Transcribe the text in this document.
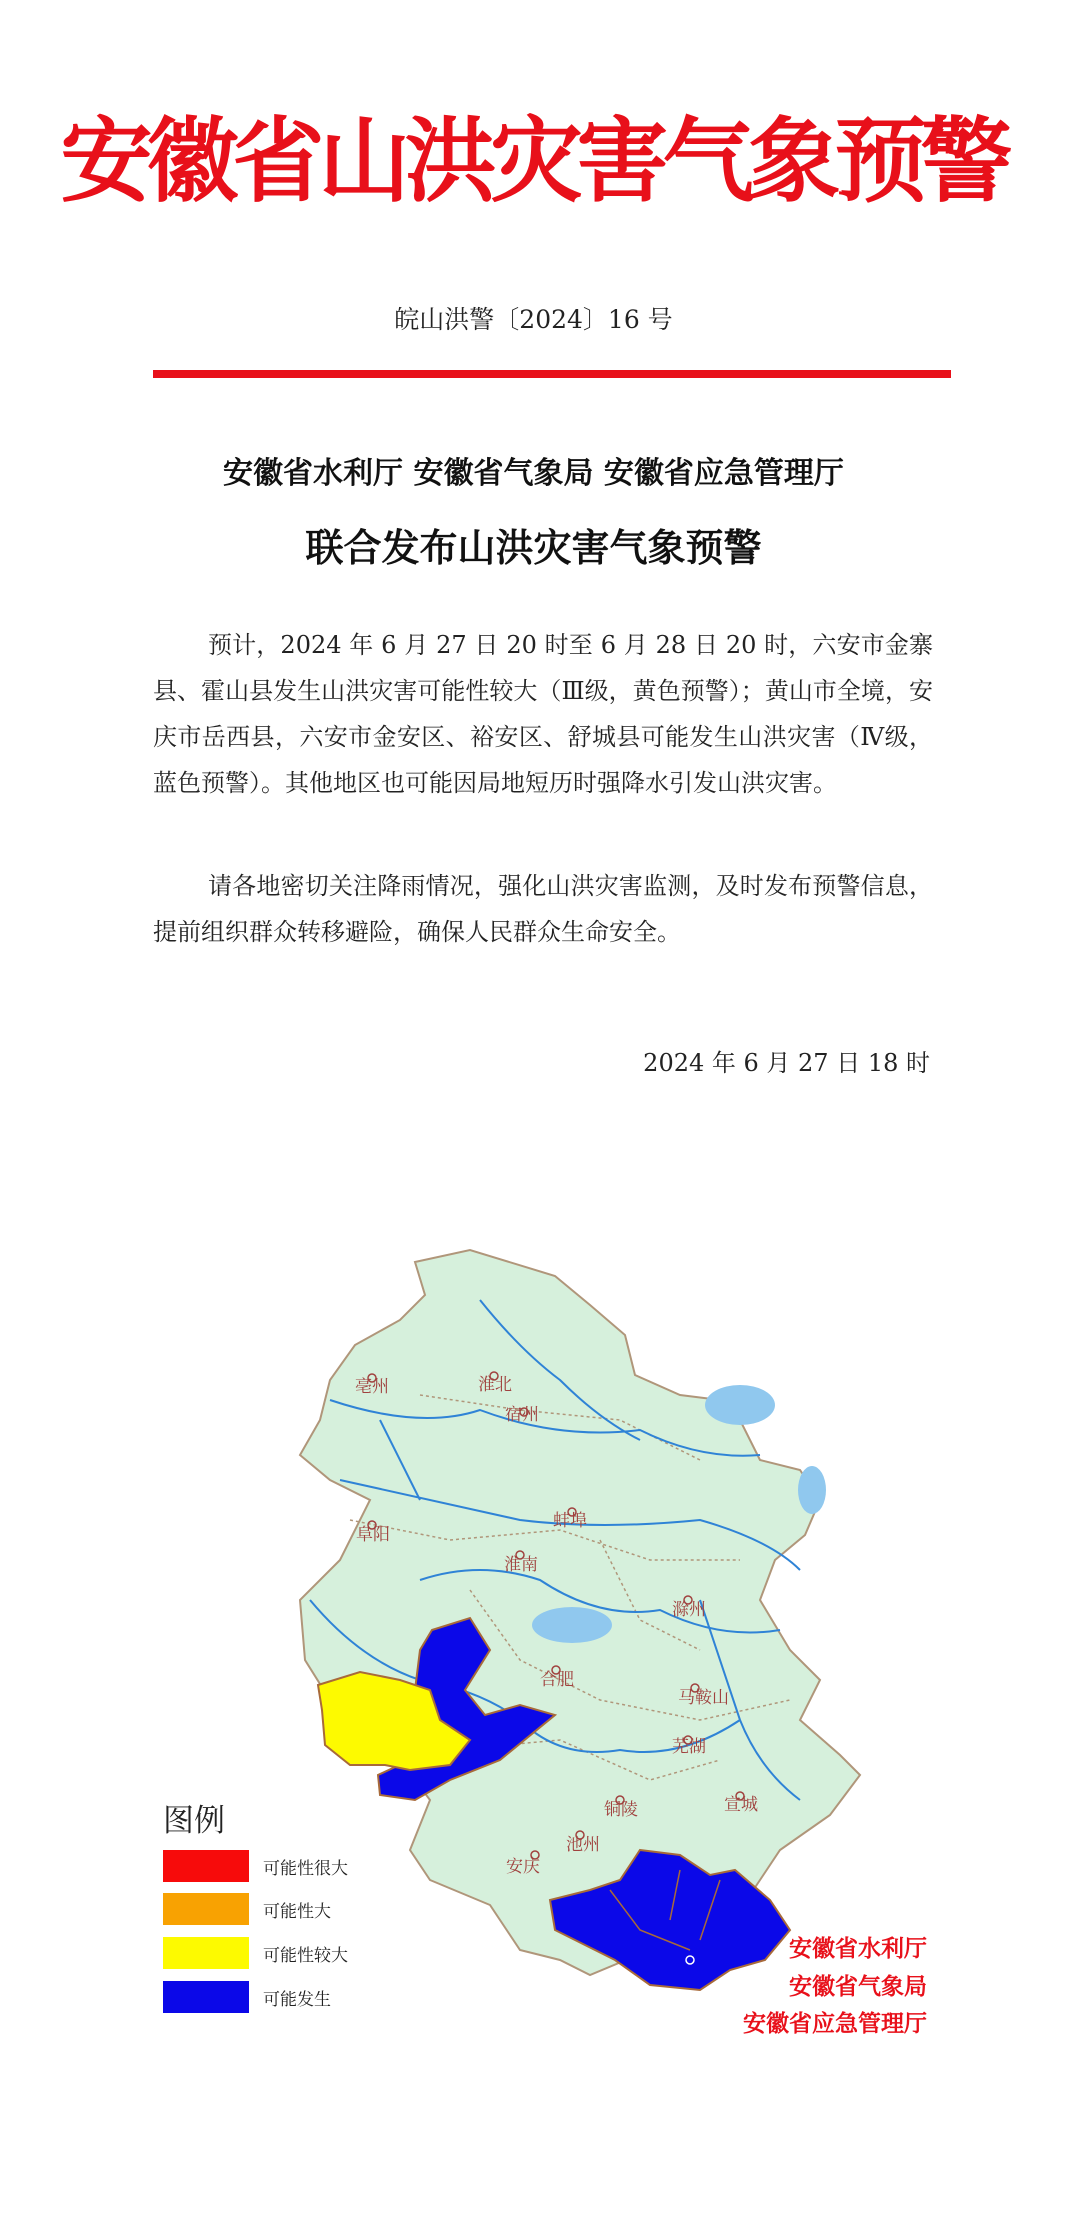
安徽省山洪灾害气象预警
皖山洪警〔2024〕16 号
安徽省水利厅 安徽省气象局 安徽省应急管理厅
联合发布山洪灾害气象预警
预计，2024 年 6 月 27 日 20 时至 6 月 28 日 20 时，六安市金寨县、霍山县发生山洪灾害可能性较大（Ⅲ级，黄色预警）；黄山市全境，安庆市岳西县，六安市金安区、裕安区、舒城县可能发生山洪灾害（Ⅳ级，蓝色预警）。其他地区也可能因局地短历时强降水引发山洪灾害。
请各地密切关注降雨情况，强化山洪灾害监测，及时发布预警信息，提前组织群众转移避险，确保人民群众生命安全。
2024 年 6 月 27 日 18 时
亳州	淮北
宿州
阜阳
蚌埠
淮南
滁州
合肥
马鞍山
芜湖
宣城
铜陵
池州
安庆
图例
可能性很大
可能性大
可能性较大
可能发生
安徽省水利厅
安徽省气象局
安徽省应急管理厅
